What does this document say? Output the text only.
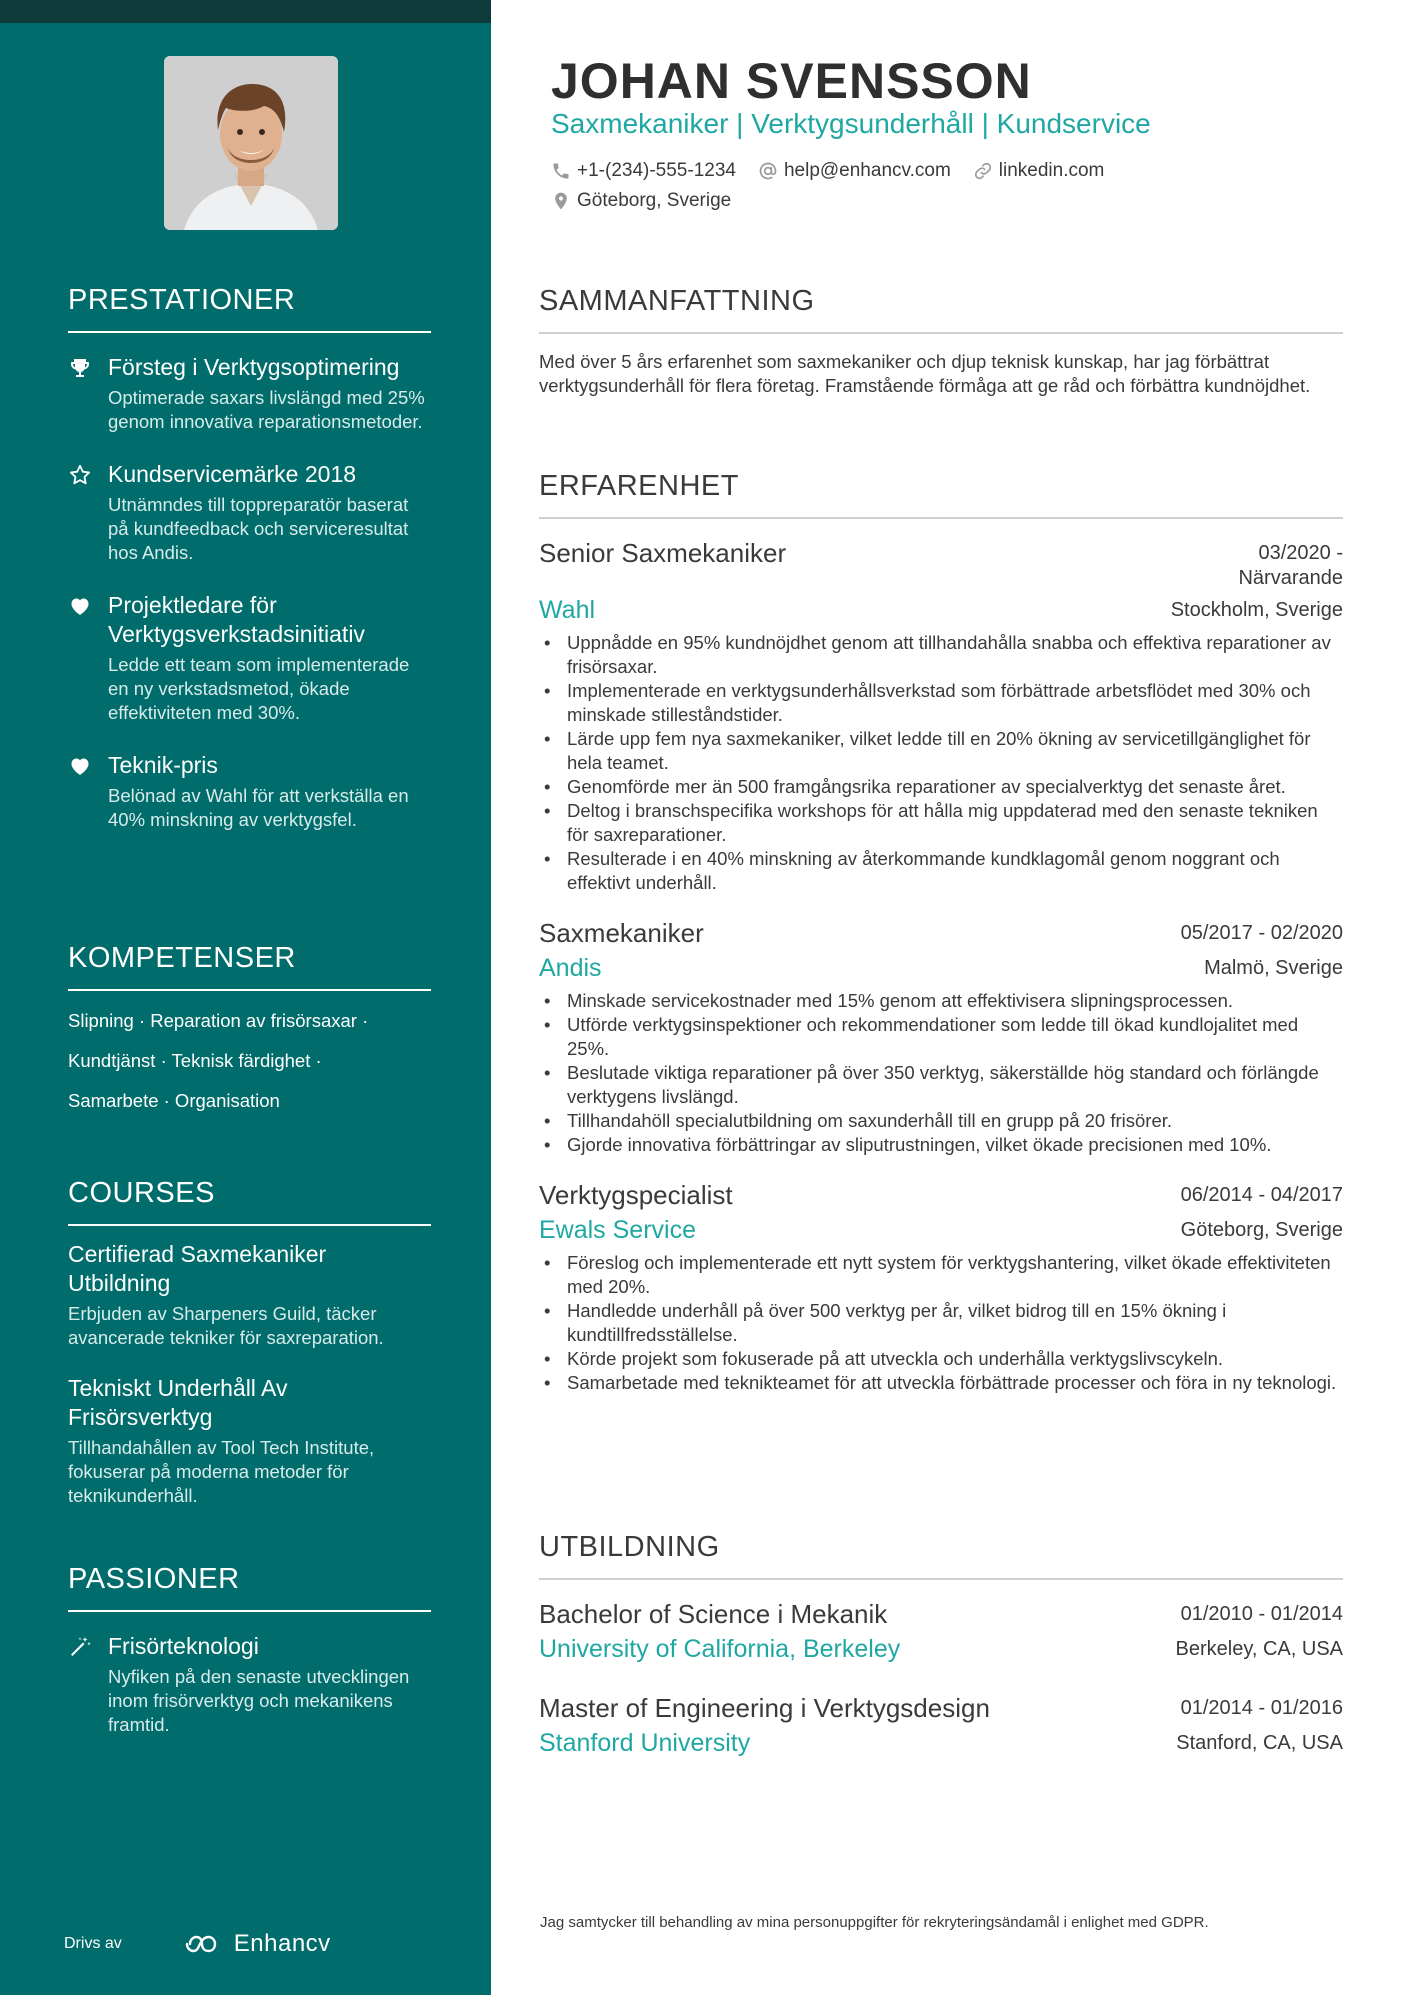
PRESTATIONER
Försteg i Verktygsoptimering
Optimerade saxars livslängd med 25% genom innovativa reparationsmetoder.
Kundservicemärke 2018
Utnämndes till toppreparatör baserat på kundfeedback och serviceresultat hos Andis.
Projektledare för Verktygsverkstadsinitiativ
Ledde ett team som implementerade en ny verkstadsmetod, ökade effektiviteten med 30%.
Teknik-pris
Belönad av Wahl för att verkställa en 40% minskning av verktygsfel.
KOMPETENSER
Slipning · Reparation av frisörsaxar ·
Kundtjänst · Teknisk färdighet ·
Samarbete · Organisation
COURSES
Certifierad Saxmekaniker Utbildning
Erbjuden av Sharpeners Guild, täcker avancerade tekniker för saxreparation.
Tekniskt Underhåll Av Frisörsverktyg
Tillhandahållen av Tool Tech Institute, fokuserar på moderna metoder för teknikunderhåll.
PASSIONER
Frisörteknologi
Nyfiken på den senaste utvecklingen inom frisörverktyg och mekanikens framtid.
Drivs av	Enhancv
JOHAN SVENSSON
Saxmekaniker | Verktygsunderhåll | Kundservice
+1-(234)-555-1234	help@enhancv.com	linkedin.com
Göteborg, Sverige
SAMMANFATTNING
Med över 5 års erfarenhet som saxmekaniker och djup teknisk kunskap, har jag förbättrat verktygsunderhåll för flera företag. Framstående förmåga att ge råd och förbättra kundnöjdhet.
ERFARENHET
Senior Saxmekaniker	03/2020 - Närvarande
Wahl	Stockholm, Sverige
• Uppnådde en 95% kundnöjdhet genom att tillhandahålla snabba och effektiva reparationer av frisörsaxar.
• Implementerade en verktygsunderhållsverkstad som förbättrade arbetsflödet med 30% och minskade stilleståndstider.
• Lärde upp fem nya saxmekaniker, vilket ledde till en 20% ökning av servicetillgänglighet för hela teamet.
• Genomförde mer än 500 framgångsrika reparationer av specialverktyg det senaste året.
• Deltog i branschspecifika workshops för att hålla mig uppdaterad med den senaste tekniken för saxreparationer.
• Resulterade i en 40% minskning av återkommande kundklagomål genom noggrant och effektivt underhåll.
Saxmekaniker	05/2017 - 02/2020
Andis	Malmö, Sverige
• Minskade servicekostnader med 15% genom att effektivisera slipningsprocessen.
• Utförde verktygsinspektioner och rekommendationer som ledde till ökad kundlojalitet med 25%.
• Beslutade viktiga reparationer på över 350 verktyg, säkerställde hög standard och förlängde verktygens livslängd.
• Tillhandahöll specialutbildning om saxunderhåll till en grupp på 20 frisörer.
• Gjorde innovativa förbättringar av sliputrustningen, vilket ökade precisionen med 10%.
Verktygspecialist	06/2014 - 04/2017
Ewals Service	Göteborg, Sverige
• Föreslog och implementerade ett nytt system för verktygshantering, vilket ökade effektiviteten med 20%.
• Handledde underhåll på över 500 verktyg per år, vilket bidrog till en 15% ökning i kundtillfredsställelse.
• Körde projekt som fokuserade på att utveckla och underhålla verktygslivscykeln.
• Samarbetade med teknikteamet för att utveckla förbättrade processer och föra in ny teknologi.
UTBILDNING
Bachelor of Science i Mekanik	01/2010 - 01/2014
University of California, Berkeley	Berkeley, CA, USA
Master of Engineering i Verktygsdesign	01/2014 - 01/2016
Stanford University	Stanford, CA, USA
Jag samtycker till behandling av mina personuppgifter för rekryteringsändamål i enlighet med GDPR.
